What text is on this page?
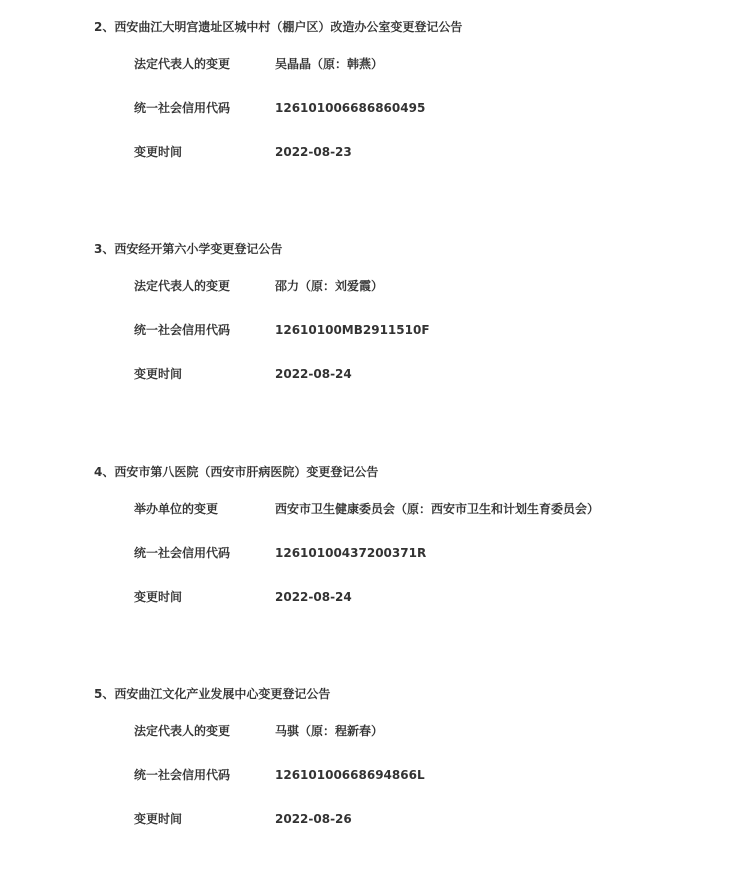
2、西安曲江大明宫遗址区城中村（棚户区）改造办公室变更登记公告
法定代表人的变更	吴晶晶（原：韩燕）
统一社会信用代码	126101006686860495
变更时间	2022-08-23
3、西安经开第六小学变更登记公告
法定代表人的变更	邵力（原：刘爱霞）
统一社会信用代码	12610100MB2911510F
变更时间	2022-08-24
4、西安市第八医院（西安市肝病医院）变更登记公告
举办单位的变更	西安市卫生健康委员会（原：西安市卫生和计划生育委员会）
统一社会信用代码	12610100437200371R
变更时间	2022-08-24
5、西安曲江文化产业发展中心变更登记公告
法定代表人的变更	马骐（原：程新春）
统一社会信用代码	12610100668694866L
变更时间	2022-08-26
